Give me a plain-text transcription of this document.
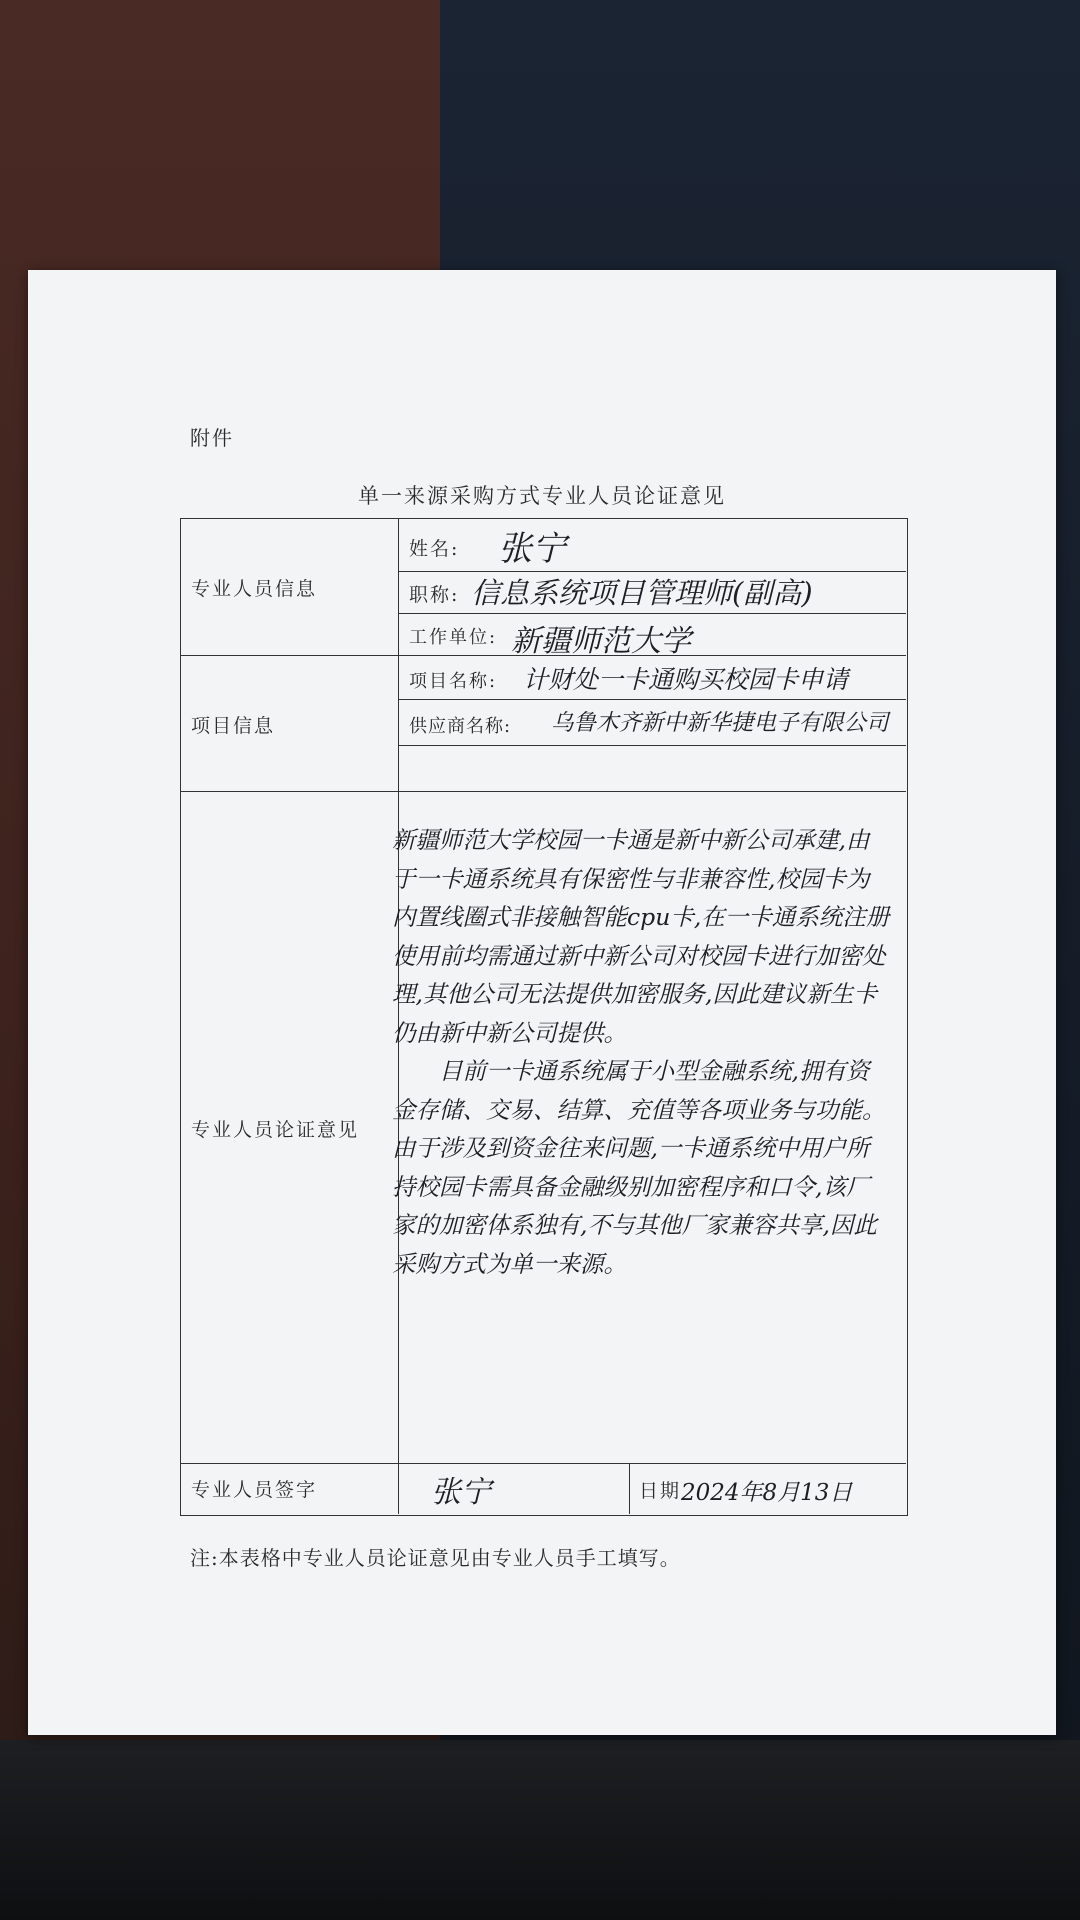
附件
单一来源采购方式专业人员论证意见
专业人员信息
项目信息
专业人员论证意见
专业人员签字
姓名:
职称:
工作单位:
项目名称:
供应商名称:
日期
张宁
信息系统项目管理师(副高)
新疆师范大学
计财处一卡通购买校园卡申请
乌鲁木齐新中新华捷电子有限公司

新疆师范大学校园一卡通是新中新公司承建,由于一卡通系统具有保密性与非兼容性,校园卡为内置线圈式非接触智能cpu卡,在一卡通系统注册使用前均需通过新中新公司对校园卡进行加密处理,其他公司无法提供加密服务,因此建议新生卡仍由新中新公司提供。

　　目前一卡通系统属于小型金融系统,拥有资金存储、交易、结算、充值等各项业务与功能。由于涉及到资金往来问题,一卡通系统中用户所持校园卡需具备金融级别加密程序和口令,该厂家的加密体系独有,不与其他厂家兼容共享,因此采购方式为单一来源。

张宁	2024年8月13日
注:本表格中专业人员论证意见由专业人员手工填写。
